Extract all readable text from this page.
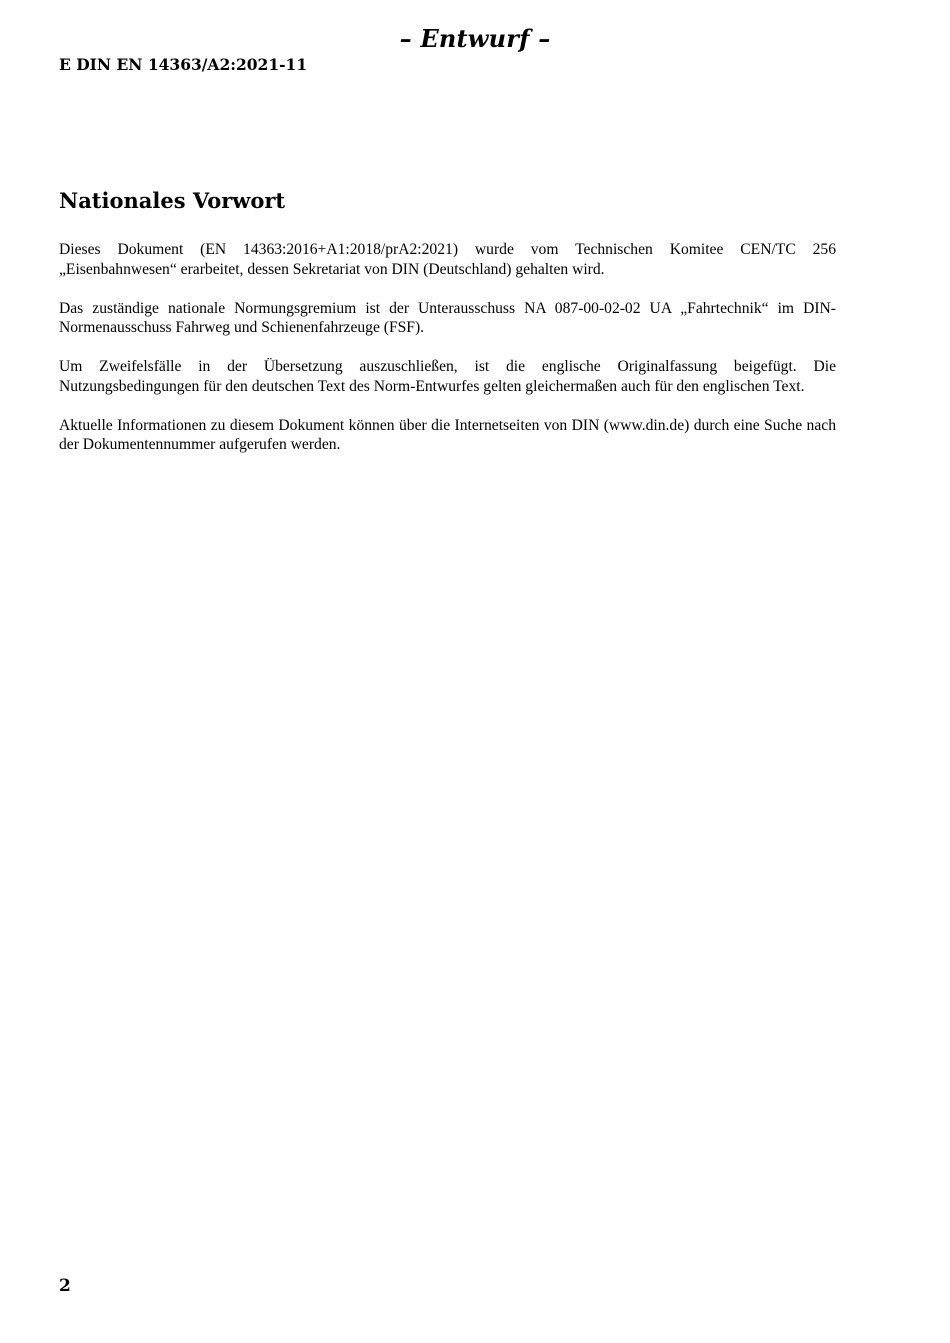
– Entwurf –
E DIN EN 14363/A2:2021-11
Nationales Vorwort

Dieses Dokument (EN 14363:2016+A1:2018/prA2:2021) wurde vom Technischen Komitee CEN/TC 256 „Eisenbahnwesen“ erarbeitet, dessen Sekretariat von DIN (Deutschland) gehalten wird.

Das zuständige nationale Normungsgremium ist der Unterausschuss NA 087-00-02-02 UA „Fahrtechnik“ im DIN-Normenausschuss Fahrweg und Schienenfahrzeuge (FSF).

Um Zweifelsfälle in der Übersetzung auszuschließen, ist die englische Originalfassung beigefügt. Die Nutzungsbedingungen für den deutschen Text des Norm-Entwurfes gelten gleichermaßen auch für den englischen Text.

Aktuelle Informationen zu diesem Dokument können über die Internetseiten von DIN (www.din.de) durch eine Suche nach der Dokumentennummer aufgerufen werden.

2
